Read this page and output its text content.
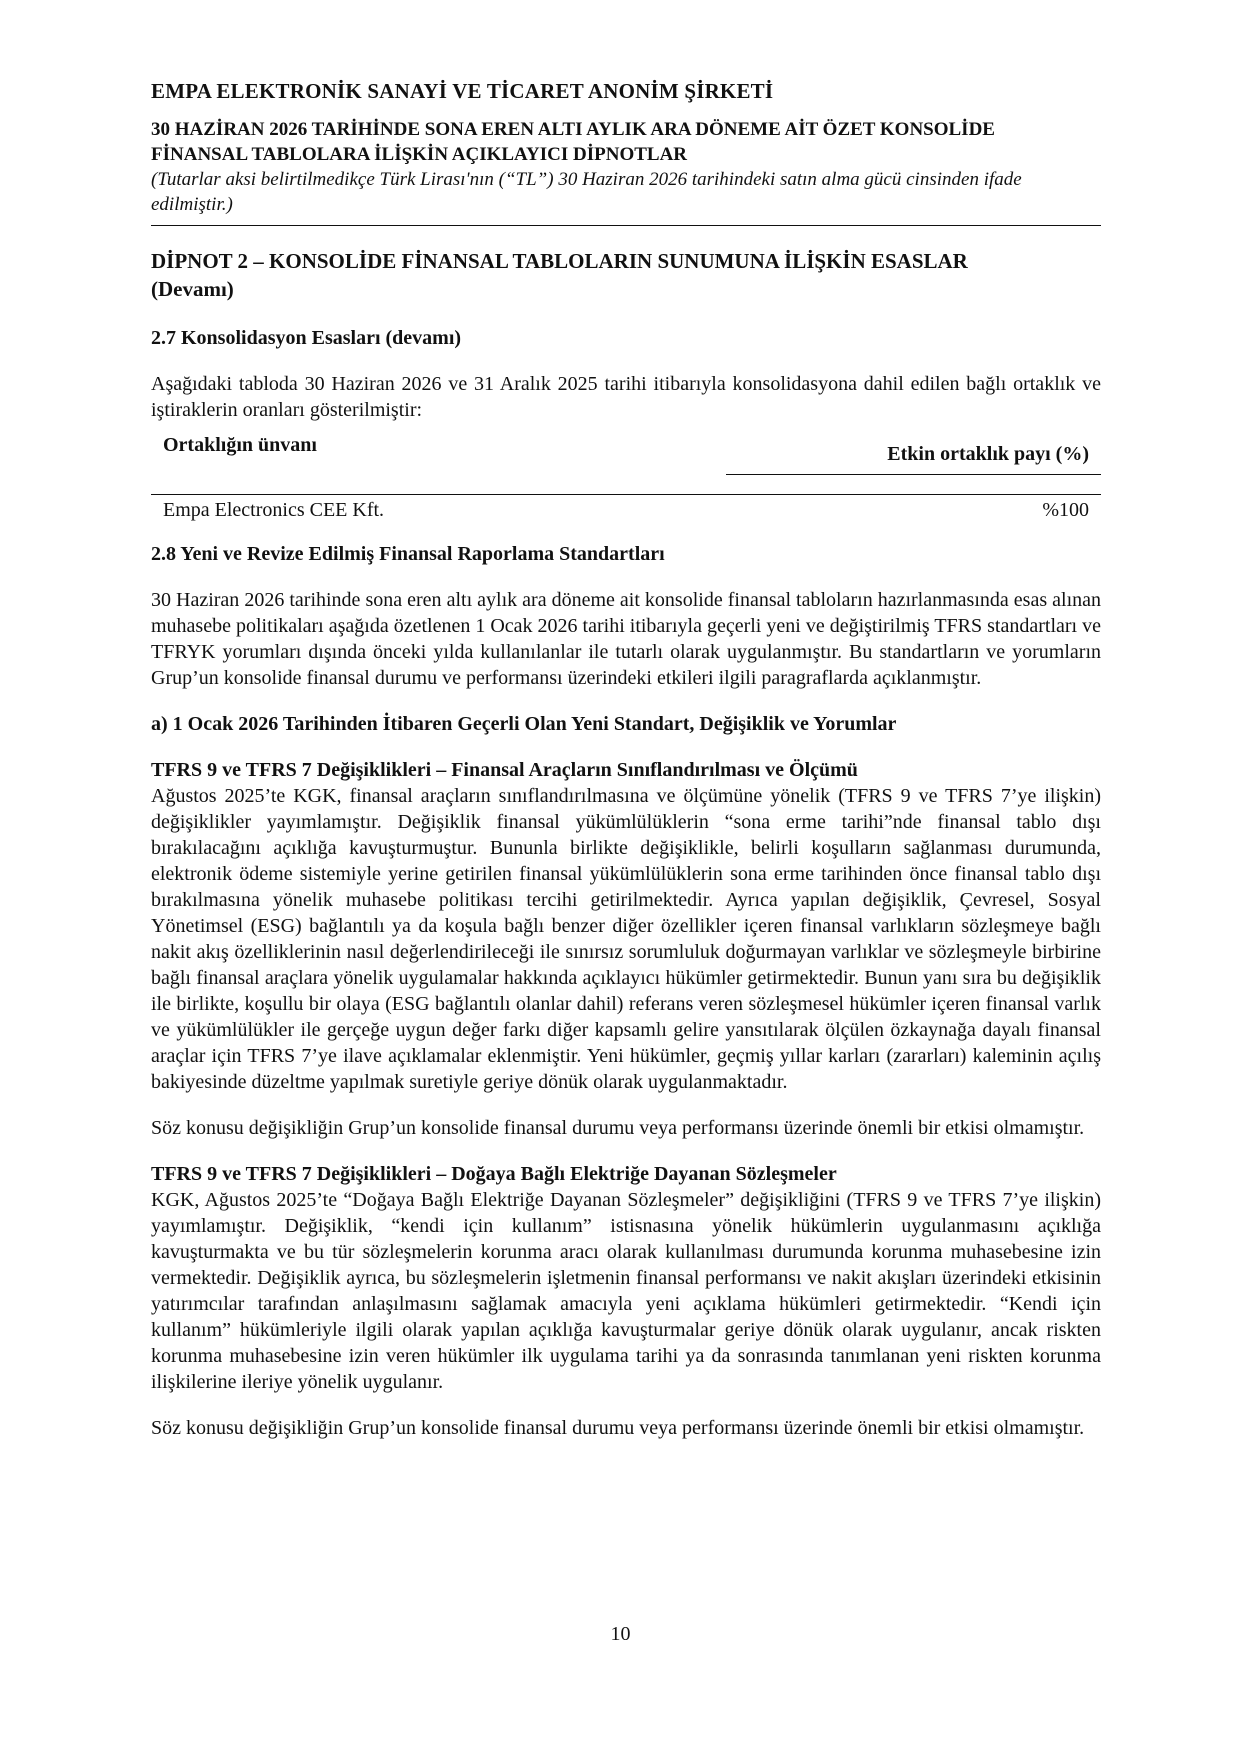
EMPA ELEKTRONİK SANAYİ VE TİCARET ANONİM ŞİRKETİ
30 HAZİRAN 2026 TARİHİNDE SONA EREN ALTI AYLIK ARA DÖNEME AİT ÖZET KONSOLİDE
FİNANSAL TABLOLARA İLİŞKİN AÇIKLAYICI DİPNOTLAR
(Tutarlar aksi belirtilmedikçe Türk Lirası'nın (“TL”) 30 Haziran 2026 tarihindeki satın alma gücü cinsinden ifade edilmiştir.)
DİPNOT 2 – KONSOLİDE FİNANSAL TABLOLARIN SUNUMUNA İLİŞKİN ESASLAR
(Devamı)
2.7 Konsolidasyon Esasları (devamı)

Aşağıdaki tabloda 30 Haziran 2026 ve 31 Aralık 2025 tarihi itibarıyla konsolidasyona dahil edilen bağlı ortaklık ve iştiraklerin oranları gösterilmiştir:

Ortaklığın ünvanı	Etkin ortaklık payı (%)
Empa Electronics CEE Kft.	%100
2.8 Yeni ve Revize Edilmiş Finansal Raporlama Standartları

30 Haziran 2026 tarihinde sona eren altı aylık ara döneme ait konsolide finansal tabloların hazırlanmasında esas alınan muhasebe politikaları aşağıda özetlenen 1 Ocak 2026 tarihi itibarıyla geçerli yeni ve değiştirilmiş TFRS standartları ve TFRYK yorumları dışında önceki yılda kullanılanlar ile tutarlı olarak uygulanmıştır. Bu standartların ve yorumların Grup’un konsolide finansal durumu ve performansı üzerindeki etkileri ilgili paragraflarda açıklanmıştır.

a) 1 Ocak 2026 Tarihinden İtibaren Geçerli Olan Yeni Standart, Değişiklik ve Yorumlar
TFRS 9 ve TFRS 7 Değişiklikleri – Finansal Araçların Sınıflandırılması ve Ölçümü

Ağustos 2025’te KGK, finansal araçların sınıflandırılmasına ve ölçümüne yönelik (TFRS 9 ve TFRS 7’ye ilişkin) değişiklikler yayımlamıştır. Değişiklik finansal yükümlülüklerin “sona erme tarihi”nde finansal tablo dışı bırakılacağını açıklığa kavuşturmuştur. Bununla birlikte değişiklikle, belirli koşulların sağlanması durumunda, elektronik ödeme sistemiyle yerine getirilen finansal yükümlülüklerin sona erme tarihinden önce finansal tablo dışı bırakılmasına yönelik muhasebe politikası tercihi getirilmektedir. Ayrıca yapılan değişiklik, Çevresel, Sosyal Yönetimsel (ESG) bağlantılı ya da koşula bağlı benzer diğer özellikler içeren finansal varlıkların sözleşmeye bağlı nakit akış özelliklerinin nasıl değerlendirileceği ile sınırsız sorumluluk doğurmayan varlıklar ve sözleşmeyle birbirine bağlı finansal araçlara yönelik uygulamalar hakkında açıklayıcı hükümler getirmektedir. Bunun yanı sıra bu değişiklik ile birlikte, koşullu bir olaya (ESG bağlantılı olanlar dahil) referans veren sözleşmesel hükümler içeren finansal varlık ve yükümlülükler ile gerçeğe uygun değer farkı diğer kapsamlı gelire yansıtılarak ölçülen özkaynağa dayalı finansal araçlar için TFRS 7’ye ilave açıklamalar eklenmiştir. Yeni hükümler, geçmiş yıllar karları (zararları) kaleminin açılış bakiyesinde düzeltme yapılmak suretiyle geriye dönük olarak uygulanmaktadır.

Söz konusu değişikliğin Grup’un konsolide finansal durumu veya performansı üzerinde önemli bir etkisi olmamıştır.

TFRS 9 ve TFRS 7 Değişiklikleri – Doğaya Bağlı Elektriğe Dayanan Sözleşmeler

KGK, Ağustos 2025’te “Doğaya Bağlı Elektriğe Dayanan Sözleşmeler” değişikliğini (TFRS 9 ve TFRS 7’ye ilişkin) yayımlamıştır. Değişiklik, “kendi için kullanım” istisnasına yönelik hükümlerin uygulanmasını açıklığa kavuşturmakta ve bu tür sözleşmelerin korunma aracı olarak kullanılması durumunda korunma muhasebesine izin vermektedir. Değişiklik ayrıca, bu sözleşmelerin işletmenin finansal performansı ve nakit akışları üzerindeki etkisinin yatırımcılar tarafından anlaşılmasını sağlamak amacıyla yeni açıklama hükümleri getirmektedir. “Kendi için kullanım” hükümleriyle ilgili olarak yapılan açıklığa kavuşturmalar geriye dönük olarak uygulanır, ancak riskten korunma muhasebesine izin veren hükümler ilk uygulama tarihi ya da sonrasında tanımlanan yeni riskten korunma ilişkilerine ileriye yönelik uygulanır.

Söz konusu değişikliğin Grup’un konsolide finansal durumu veya performansı üzerinde önemli bir etkisi olmamıştır.

10
